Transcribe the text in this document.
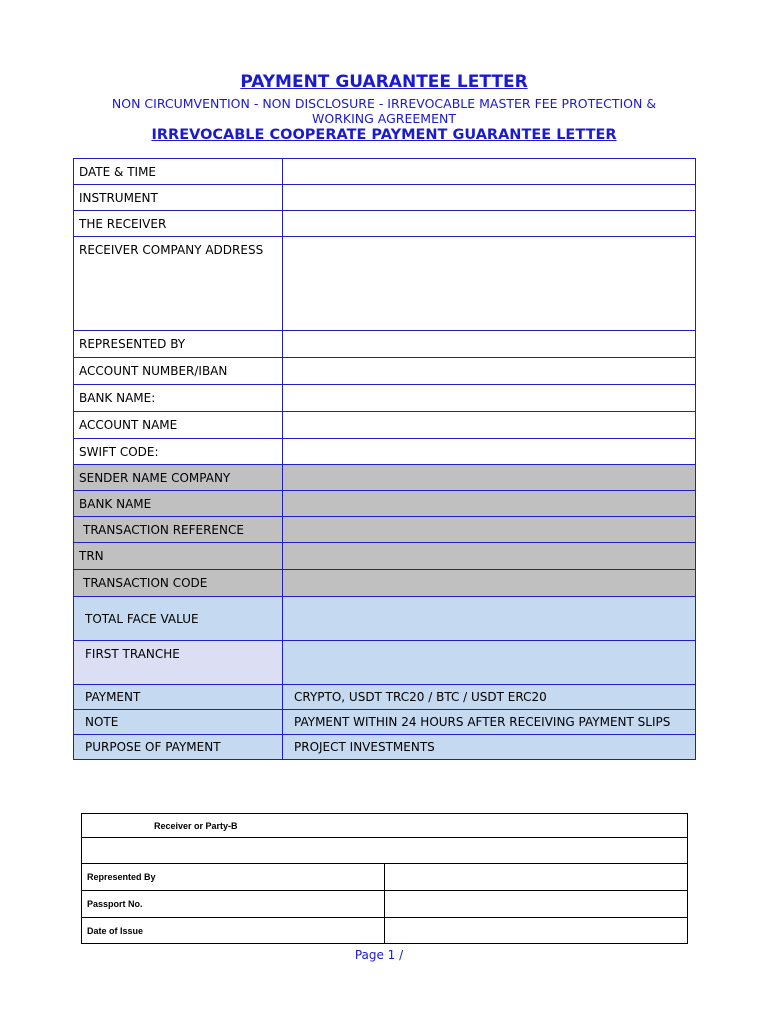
PAYMENT GUARANTEE LETTER
NON CIRCUMVENTION - NON DISCLOSURE - IRREVOCABLE MASTER FEE PROTECTION & WORKING AGREEMENT
IRREVOCABLE COOPERATE PAYMENT GUARANTEE LETTER
DATE & TIME	
INSTRUMENT	
THE RECEIVER	
RECEIVER COMPANY ADDRESS	
REPRESENTED BY	
ACCOUNT NUMBER/IBAN	
BANK NAME:	
ACCOUNT NAME	
SWIFT CODE:	
SENDER NAME COMPANY	
BANK NAME	
TRANSACTION REFERENCE	
TRN	
TRANSACTION CODE	
TOTAL FACE VALUE	
FIRST TRANCHE	
PAYMENT	CRYPTO, USDT TRC20 / BTC / USDT ERC20
NOTE	PAYMENT WITHIN 24 HOURS AFTER RECEIVING PAYMENT SLIPS
PURPOSE OF PAYMENT	PROJECT INVESTMENTS
Receiver or Party-B	

Represented By	
Passport No.	
Date of Issue	
Page 1 /
